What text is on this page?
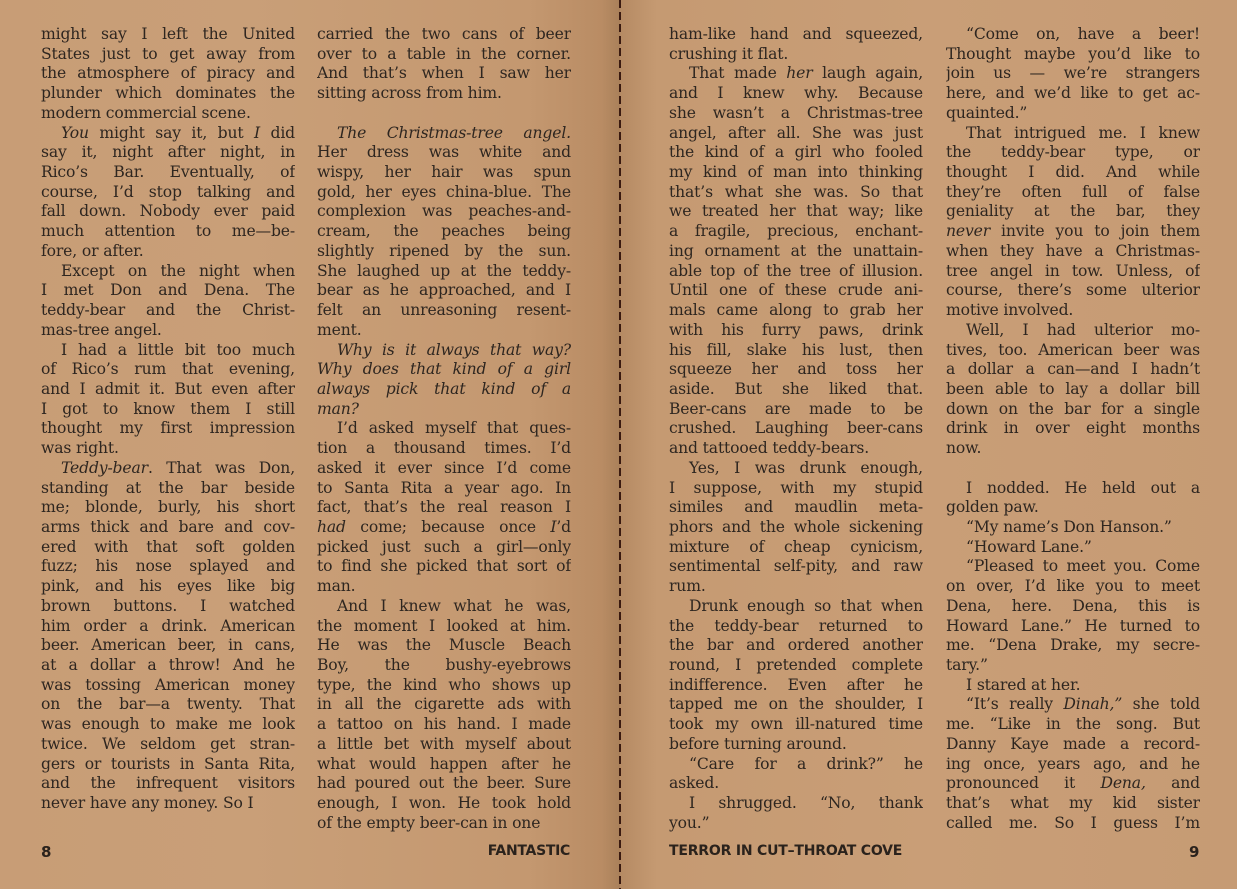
might say I left the United
States just to get away from
the atmosphere of piracy and
plunder which dominates the
modern commercial scene.
You might say it, but I did
say it, night after night, in
Rico’s Bar. Eventually, of
course, I’d stop talking and
fall down. Nobody ever paid
much attention to me—be-
fore, or after.
Except on the night when
I met Don and Dena. The
teddy-bear and the Christ-
mas-tree angel.
I had a little bit too much
of Rico’s rum that evening,
and I admit it. But even after
I got to know them I still
thought my first impression
was right.
Teddy-bear. That was Don,
standing at the bar beside
me; blonde, burly, his short
arms thick and bare and cov-
ered with that soft golden
fuzz; his nose splayed and
pink, and his eyes like big
brown buttons. I watched
him order a drink. American
beer. American beer, in cans,
at a dollar a throw! And he
was tossing American money
on the bar—a twenty. That
was enough to make me look
twice. We seldom get stran-
gers or tourists in Santa Rita,
and the infrequent visitors
never have any money. So I
carried the two cans of beer
over to a table in the corner.
And that’s when I saw her
sitting across from him.
The Christmas-tree angel.
Her dress was white and
wispy, her hair was spun
gold, her eyes china-blue. The
complexion was peaches-and-
cream, the peaches being
slightly ripened by the sun.
She laughed up at the teddy-
bear as he approached, and I
felt an unreasoning resent-
ment.
Why is it always that way?
Why does that kind of a girl
always pick that kind of a
man?
I’d asked myself that ques-
tion a thousand times. I’d
asked it ever since I’d come
to Santa Rita a year ago. In
fact, that’s the real reason I
had come; because once I’d
picked just such a girl—only
to find she picked that sort of
man.
And I knew what he was,
the moment I looked at him.
He was the Muscle Beach
Boy, the bushy-eyebrows
type, the kind who shows up
in all the cigarette ads with
a tattoo on his hand. I made
a little bet with myself about
what would happen after he
had poured out the beer. Sure
enough, I won. He took hold
of the empty beer-can in one
ham-like hand and squeezed,
crushing it flat.
That made her laugh again,
and I knew why. Because
she wasn’t a Christmas-tree
angel, after all. She was just
the kind of a girl who fooled
my kind of man into thinking
that’s what she was. So that
we treated her that way; like
a fragile, precious, enchant-
ing ornament at the unattain-
able top of the tree of illusion.
Until one of these crude ani-
mals came along to grab her
with his furry paws, drink
his fill, slake his lust, then
squeeze her and toss her
aside. But she liked that.
Beer-cans are made to be
crushed. Laughing beer-cans
and tattooed teddy-bears.
Yes, I was drunk enough,
I suppose, with my stupid
similes and maudlin meta-
phors and the whole sickening
mixture of cheap cynicism,
sentimental self-pity, and raw
rum.
Drunk enough so that when
the teddy-bear returned to
the bar and ordered another
round, I pretended complete
indifference. Even after he
tapped me on the shoulder, I
took my own ill-natured time
before turning around.
“Care for a drink?” he
asked.
I shrugged. “No, thank
you.”
“Come on, have a beer!
Thought maybe you’d like to
join us — we’re strangers
here, and we’d like to get ac-
quainted.”
That intrigued me. I knew
the teddy-bear type, or
thought I did. And while
they’re often full of false
geniality at the bar, they
never invite you to join them
when they have a Christmas-
tree angel in tow. Unless, of
course, there’s some ulterior
motive involved.
Well, I had ulterior mo-
tives, too. American beer was
a dollar a can—and I hadn’t
been able to lay a dollar bill
down on the bar for a single
drink in over eight months
now.
I nodded. He held out a
golden paw.
“My name’s Don Hanson.”
“Howard Lane.”
“Pleased to meet you. Come
on over, I’d like you to meet
Dena, here. Dena, this is
Howard Lane.” He turned to
me. “Dena Drake, my secre-
tary.”
I stared at her.
“It’s really Dinah,” she told
me. “Like in the song. But
Danny Kaye made a record-
ing once, years ago, and he
pronounced it Dena, and
that’s what my kid sister
called me. So I guess I’m
8	FANTASTIC	TERROR IN CUT–THROAT COVE	9
